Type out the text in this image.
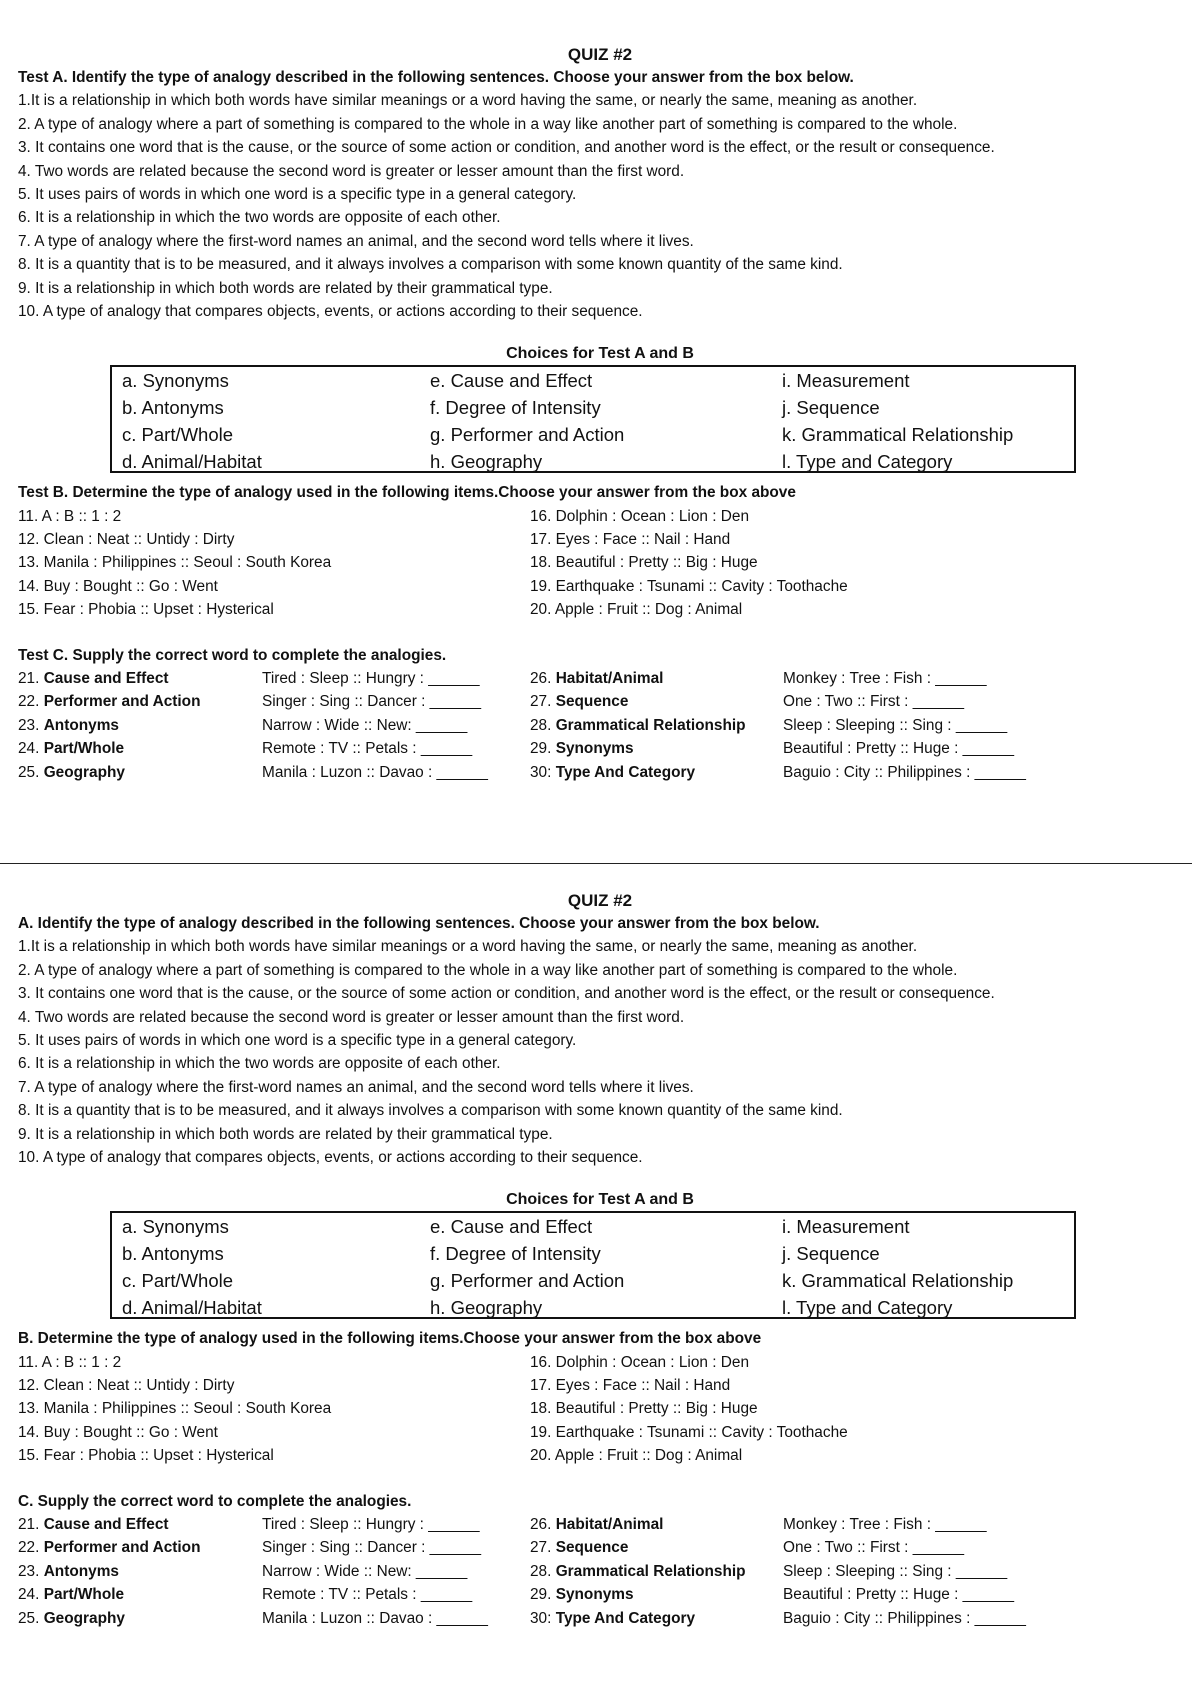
QUIZ #2
Test A. Identify the type of analogy described in the following sentences. Choose your answer from the box below.
1.It is a relationship in which both words have similar meanings or a word having the same, or nearly the same, meaning as another.
2. A type of analogy where a part of something is compared to the whole in a way like another part of something is compared to the whole.
3. It contains one word that is the cause, or the source of some action or condition, and another word is the effect, or the result or consequence.
4. Two words are related because the second word is greater or lesser amount than the first word.
5. It uses pairs of words in which one word is a specific type in a general category.
6. It is a relationship in which the two words are opposite of each other.
7. A type of analogy where the first-word names an animal, and the second word tells where it lives.
8. It is a quantity that is to be measured, and it always involves a comparison with some known quantity of the same kind.
9. It is a relationship in which both words are related by their grammatical type.
10. A type of analogy that compares objects, events, or actions according to their sequence.
Choices for Test A and B
a. Synonyms	e. Cause and Effect	i. Measurement
b. Antonyms	f. Degree of Intensity	j. Sequence
c. Part/Whole	g. Performer and Action	k. Grammatical Relationship
d. Animal/Habitat	h. Geography	l. Type and Category
Test B. Determine the type of analogy used in the following items.Choose your answer from the box above
11. A : B :: 1 : 2	16. Dolphin : Ocean : Lion : Den
12. Clean : Neat :: Untidy : Dirty	17. Eyes : Face :: Nail : Hand
13. Manila : Philippines :: Seoul : South Korea	18. Beautiful : Pretty :: Big : Huge
14. Buy : Bought :: Go : Went	19. Earthquake : Tsunami :: Cavity : Toothache
15. Fear : Phobia :: Upset : Hysterical	20. Apple : Fruit :: Dog : Animal
Test C. Supply the correct word to complete the analogies.
21. Cause and Effect	Tired : Sleep :: Hungry : ______	26. Habitat/Animal	Monkey : Tree : Fish : ______
22. Performer and Action	Singer : Sing :: Dancer : ______	27. Sequence	One : Two :: First : ______
23. Antonyms	Narrow : Wide :: New: ______	28. Grammatical Relationship Sleep : Sleeping :: Sing : ______
24. Part/Whole	Remote : TV :: Petals : ______	29. Synonyms	Beautiful : Pretty :: Huge : ______
25. Geography	Manila : Luzon :: Davao : ______	30: Type And Category	Baguio : City :: Philippines : ______
QUIZ #2
A. Identify the type of analogy described in the following sentences. Choose your answer from the box below.
1.It is a relationship in which both words have similar meanings or a word having the same, or nearly the same, meaning as another.
2. A type of analogy where a part of something is compared to the whole in a way like another part of something is compared to the whole.
3. It contains one word that is the cause, or the source of some action or condition, and another word is the effect, or the result or consequence.
4. Two words are related because the second word is greater or lesser amount than the first word.
5. It uses pairs of words in which one word is a specific type in a general category.
6. It is a relationship in which the two words are opposite of each other.
7. A type of analogy where the first-word names an animal, and the second word tells where it lives.
8. It is a quantity that is to be measured, and it always involves a comparison with some known quantity of the same kind.
9. It is a relationship in which both words are related by their grammatical type.
10. A type of analogy that compares objects, events, or actions according to their sequence.
Choices for Test A and B
a. Synonyms	e. Cause and Effect	i. Measurement
b. Antonyms	f. Degree of Intensity	j. Sequence
c. Part/Whole	g. Performer and Action	k. Grammatical Relationship
d. Animal/Habitat	h. Geography	l. Type and Category
B. Determine the type of analogy used in the following items.Choose your answer from the box above
11. A : B :: 1 : 2	16. Dolphin : Ocean : Lion : Den
12. Clean : Neat :: Untidy : Dirty	17. Eyes : Face :: Nail : Hand
13. Manila : Philippines :: Seoul : South Korea	18. Beautiful : Pretty :: Big : Huge
14. Buy : Bought :: Go : Went	19. Earthquake : Tsunami :: Cavity : Toothache
15. Fear : Phobia :: Upset : Hysterical	20. Apple : Fruit :: Dog : Animal
C. Supply the correct word to complete the analogies.
21. Cause and Effect	Tired : Sleep :: Hungry : ______	26. Habitat/Animal	Monkey : Tree : Fish : ______
22. Performer and Action	Singer : Sing :: Dancer : ______	27. Sequence	One : Two :: First : ______
23. Antonyms	Narrow : Wide :: New: ______	28. Grammatical Relationship Sleep : Sleeping :: Sing : ______
24. Part/Whole	Remote : TV :: Petals : ______	29. Synonyms	Beautiful : Pretty :: Huge : ______
25. Geography	Manila : Luzon :: Davao : ______	30: Type And Category	Baguio : City :: Philippines : ______
